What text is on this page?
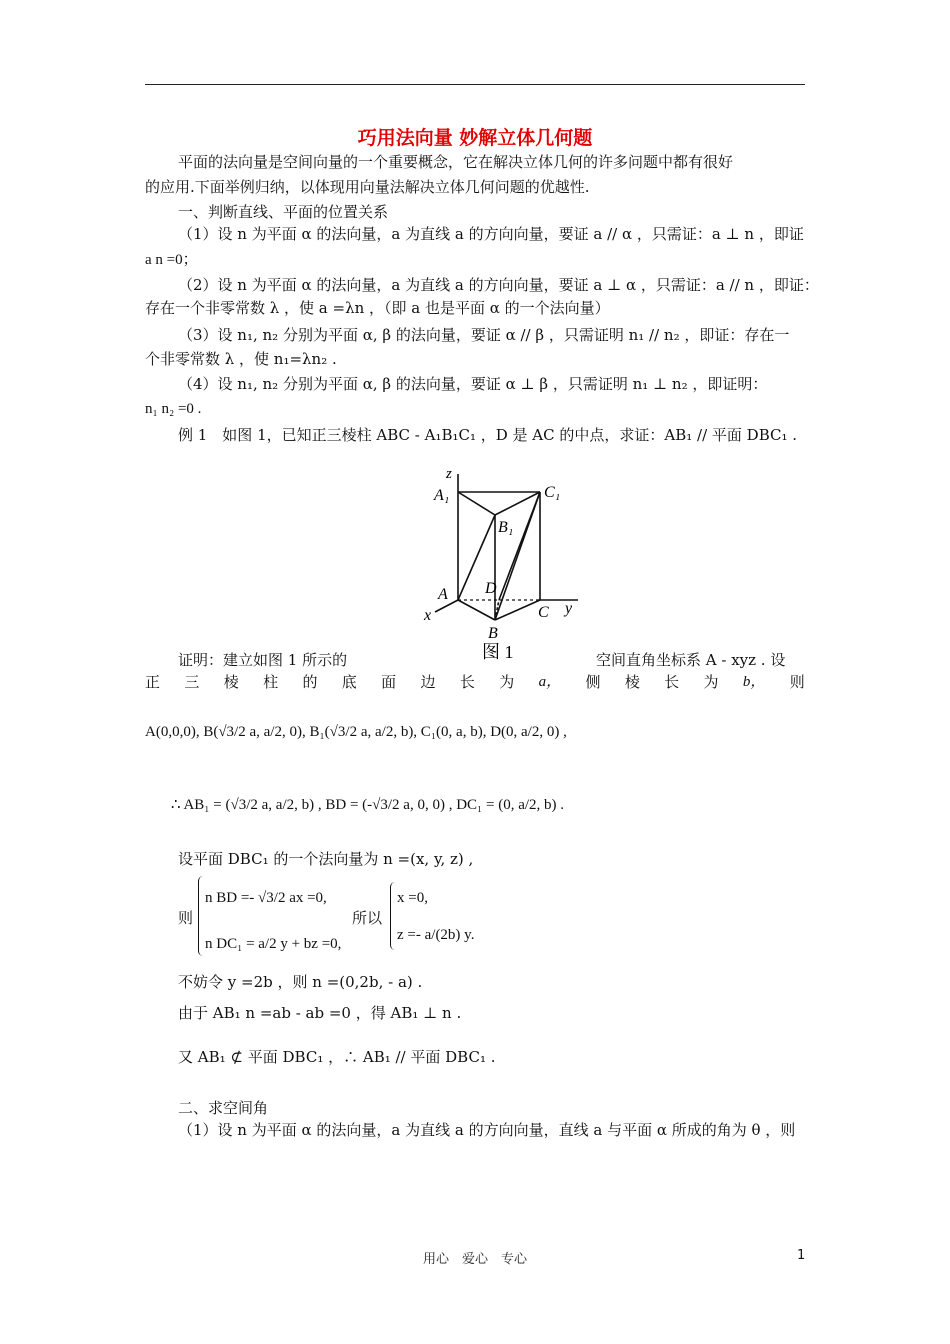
巧用法向量 妙解立体几何题
平面的法向量是空间向量的一个重要概念，它在解决立体几何的许多问题中都有很好
的应用.下面举例归纳，以体现用向量法解决立体几何问题的优越性.
一、判断直线、平面的位置关系
（1）设 n 为平面 α 的法向量，a 为直线 a 的方向向量，要证 a // α ，只需证：a ⊥ n ，即证
a n =0；
（2）设 n 为平面 α 的法向量，a 为直线 a 的方向向量，要证 a ⊥ α ，只需证：a // n ，即证：
存在一个非零常数 λ ，使 a =λn ，（即 a 也是平面 α 的一个法向量）
（3）设 n₁, n₂ 分别为平面 α, β 的法向量，要证 α // β ，只需证明 n₁ // n₂ ，即证：存在一
个非零常数 λ ，使 n₁=λn₂ .
（4）设 n₁, n₂ 分别为平面 α, β 的法向量，要证 α ⊥ β ，只需证明 n₁ ⊥ n₂ ，即证明：
n₁ n₂ =0 .
例 1　如图 1，已知正三棱柱 ABC - A₁B₁C₁ ，D 是 AC 的中点，求证：AB₁ // 平面 DBC₁ .
z
A₁	C₁
B₁
A D
C y
x
B
图 1
证明：建立如图 1 所示的	空间直角坐标系 A - xyz . 设
正 三 棱 柱 的 底 面 边 长 为 a， 侧 棱 长 为 b， 则
A(0,0,0), B(√3/2 a, a/2, 0), B₁(√3/2 a, a/2, b), C₁(0, a, b), D(0, a/2, 0) ,
∴ AB₁ = (√3/2 a, a/2, b) , BD = (-√3/2 a, 0, 0) , DC₁ = (0, a/2, b) .
设平面 DBC₁ 的一个法向量为 n =(x, y, z) ,
则
n BD =- √3/2 ax =0,
n DC₁ = a/2 y + bz =0,
所以
x =0,
z =- a/(2b) y.
不妨令 y =2b ，则 n =(0,2b, - a) .
由于 AB₁ n =ab - ab =0 ，得 AB₁ ⊥ n .
又 AB₁ ⊄ 平面 DBC₁ ，∴ AB₁ // 平面 DBC₁ .
二、求空间角
（1）设 n 为平面 α 的法向量，a 为直线 a 的方向向量，直线 a 与平面 α 所成的角为 θ ，则
用心　爱心　专心	1
